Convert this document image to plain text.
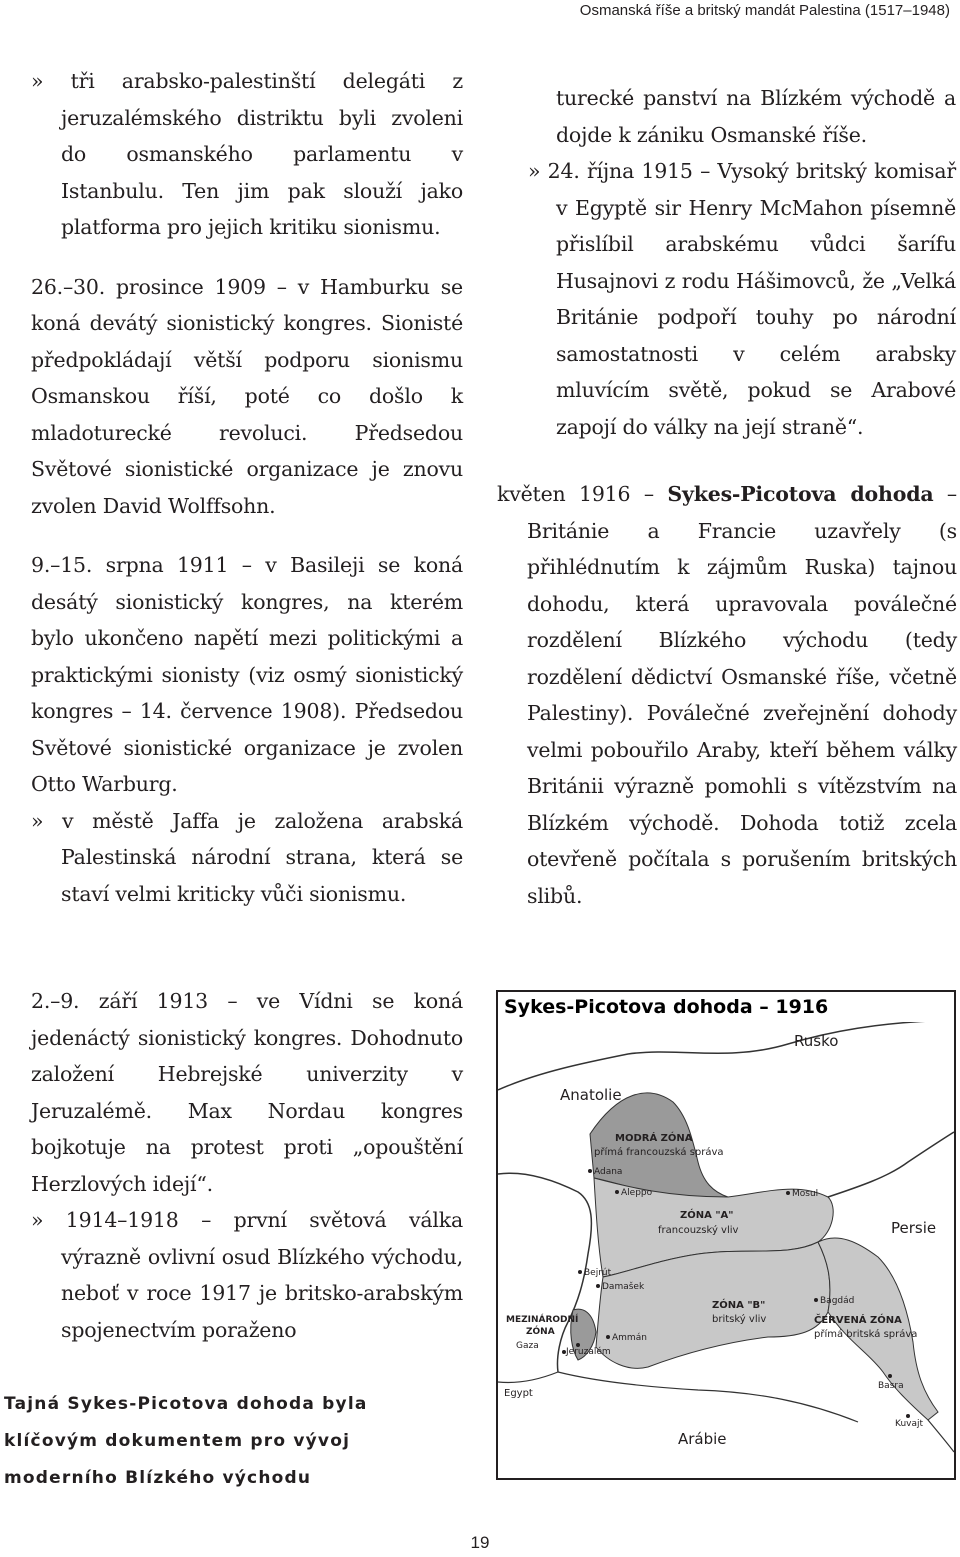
Osmanská říše a britský mandát Palestina (1517–1948)

» tři arabsko-palestinští delegáti z jeruzalémského distriktu byli zvoleni do osmanského parlamentu v Istanbulu. Ten jim pak slouží jako platforma pro jejich kritiku sionismu.

26.–30. prosince 1909 – v Hamburku se koná devátý sionistický kongres. Sionisté předpokládají větší podporu sionismu Osmanskou říší, poté co došlo k mladoturecké revoluci. Předsedou Světové sionistické organizace je znovu zvolen David Wolffsohn.

9.–15. srpna 1911 – v Basileji se koná desátý sionistický kongres, na kterém bylo ukončeno napětí mezi politickými a praktickými sionisty (viz osmý sionistický kongres – 14. července 1908). Předsedou Světové sionistické organizace je zvolen Otto Warburg.

» v městě Jaffa je založena arabská Palestinská národní strana, která se staví velmi kriticky vůči sionismu.

turecké panství na Blízkém východě a dojde k zániku Osmanské říše.

» 24. října 1915 – Vysoký britský komisař v Egyptě sir Henry McMahon písemně přislíbil arabskému vůdci šarífu Husajnovi z rodu Hášimovců, že „Velká Británie podpoří touhy po národní samostatnosti v celém arabsky mluvícím světě, pokud se Arabové zapojí do války na její straně“.

květen 1916 – Sykes-Picotova dohoda – Británie a Francie uzavřely (s přihlédnutím k zájmům Ruska) tajnou dohodu, která upravovala poválečné rozdělení Blízkého východu (tedy rozdělení dědictví Osmanské říše, včetně Palestiny). Poválečné zveřejnění dohody velmi pobouřilo Araby, kteří během války Británii výrazně pomohli s vítězstvím na Blízkém východě. Dohoda totiž zcela otevřeně počítala s porušením britských slibů.

2.–9. září 1913 – ve Vídni se koná jedenáctý sionistický kongres. Dohodnuto založení Hebrejské univerzity v Jeruzalémě. Max Nordau kongres bojkotuje na protest proti „opouštění Herzlových idejí“.

» 1914–1918 – první světová válka výrazně ovlivní osud Blízkého východu, neboť v roce 1917 je britsko-arabským spojenectvím poraženo

Tajná Sykes-Picotova dohoda byla klíčovým dokumentem pro vývoj moderního Blízkého východu
Sykes-Picotova dohoda – 1916
Rusko
Anatolie
MODRÁ ZÓNA
přímá francouzská správa
Adana
Aleppo	Mosul
ZÓNA "A"
francouzský vliv	Persie
Bejrút
Damašek
ZÓNA "B"
britský vliv
Bagdád
ČERVENÁ ZÓNA
přímá britská správa
MEZINÁRODNÍ
ZÓNA
Gaza
Ammán
Jeruzalém
Basra
Egypt
Kuvajt
Arábie
19
